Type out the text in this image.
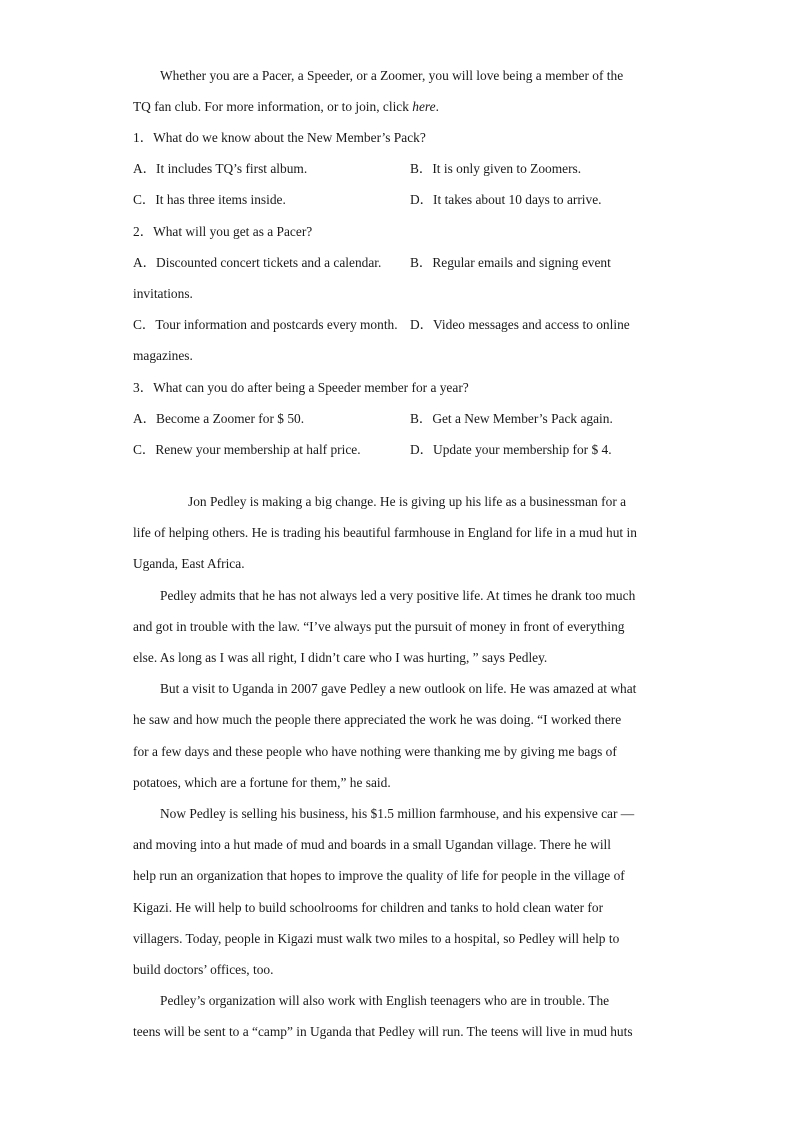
Whether you are a Pacer, a Speeder, or a Zoomer, you will love being a member of the
TQ fan club. For more information, or to join, click here.
1．What do we know about the New Member’s Pack?
A．It includes TQ’s first album.	B．It is only given to Zoomers.
C．It has three items inside.	D．It takes about 10 days to arrive.
2．What will you get as a Pacer?
A．Discounted concert tickets and a calendar. B．Regular emails and signing event
invitations.
C．Tour information and postcards every month. D．Video messages and access to online
magazines.
3．What can you do after being a Speeder member for a year?
A．Become a Zoomer for $ 50.	B．Get a New Member’s Pack again.
C．Renew your membership at half price.	D．Update your membership for $ 4.
Jon Pedley is making a big change. He is giving up his life as a businessman for a
life of helping others. He is trading his beautiful farmhouse in England for life in a mud hut in
Uganda, East Africa.
Pedley admits that he has not always led a very positive life. At times he drank too much
and got in trouble with the law. “I’ve always put the pursuit of money in front of everything
else. As long as I was all right, I didn’t care who I was hurting, ” says Pedley.
But a visit to Uganda in 2007 gave Pedley a new outlook on life. He was amazed at what
he saw and how much the people there appreciated the work he was doing. “I worked there
for a few days and these people who have nothing were thanking me by giving me bags of
potatoes, which are a fortune for them,” he said.
Now Pedley is selling his business, his $1.5 million farmhouse, and his expensive car —
and moving into a hut made of mud and boards in a small Ugandan village. There he will
help run an organization that hopes to improve the quality of life for people in the village of
Kigazi. He will help to build schoolrooms for children and tanks to hold clean water for
villagers. Today, people in Kigazi must walk two miles to a hospital, so Pedley will help to
build doctors’ offices, too.
Pedley’s organization will also work with English teenagers who are in trouble. The
teens will be sent to a “camp” in Uganda that Pedley will run. The teens will live in mud huts
